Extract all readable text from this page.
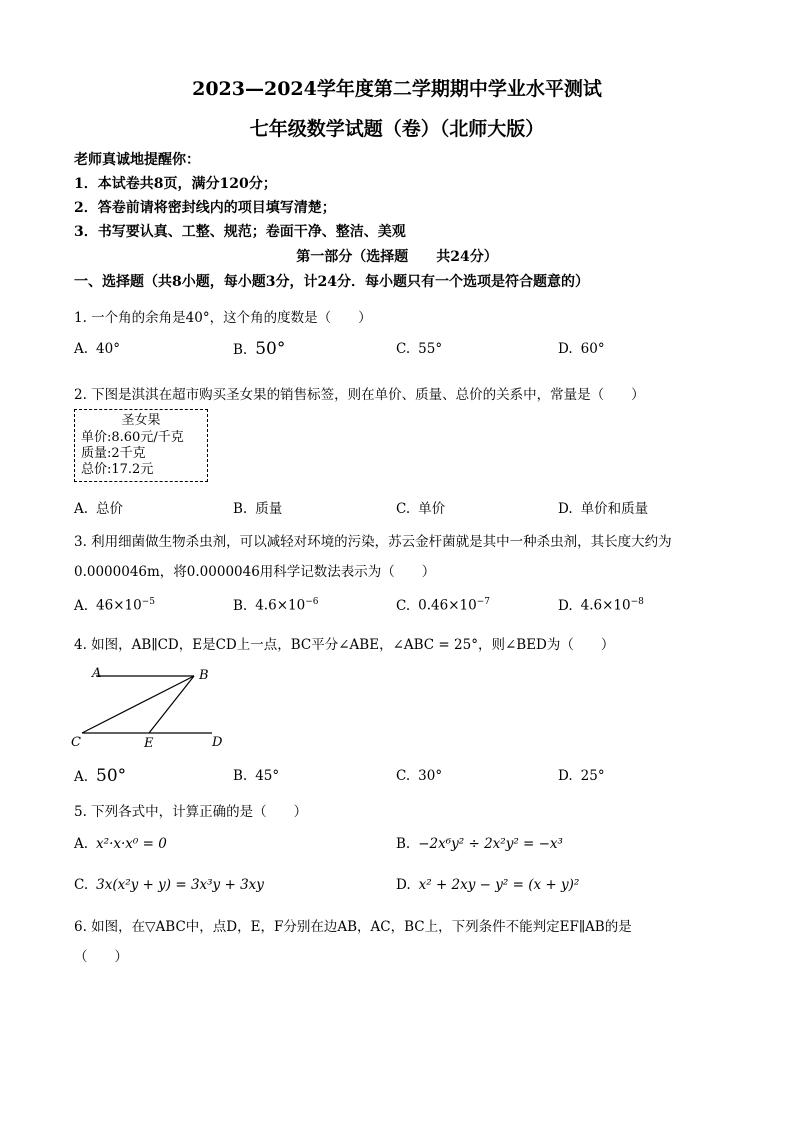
2023—2024学年度第二学期期中学业水平测试
七年级数学试题（卷）（北师大版）
老师真诚地提醒你：
1．本试卷共8页，满分120分；
2．答卷前请将密封线内的项目填写清楚；
3．书写要认真、工整、规范；卷面干净、整洁、美观
第一部分（选择题　　共24分）
一、选择题（共8小题，每小题3分，计24分．每小题只有一个选项是符合题意的）
1. 一个角的余角是40°，这个角的度数是（　　）
A. 40°	B. 50°	C. 55°	D. 60°
2. 下图是淇淇在超市购买圣女果的销售标签，则在单价、质量、总价的关系中，常量是（　　）
圣女果
单价:8.60元/千克
质量:2千克
总价:17.2元
A. 总价	B. 质量	C. 单价	D. 单价和质量
3. 利用细菌做生物杀虫剂，可以减轻对环境的污染，苏云金杆菌就是其中一种杀虫剂，其长度大约为
0.0000046m，将0.0000046用科学记数法表示为（　　）
A. $46\times 10^{-5}$	B. $4.6\times 10^{-6}$	C. $0.46\times 10^{-7}$	D. $4.6\times 10^{-8}$
4. 如图，AB∥CD，E是CD上一点，BC平分∠ABE，∠ABC = 25°，则∠BED为（　　）
A	B
C	E	D
A. 50°	B. 45°	C. 30°	D. 25°
5. 下列各式中，计算正确的是（　　）
A. x²·x·x⁰ = 0	B. −2x⁶y² ÷ 2x²y² = −x³
C. 3x(x²y + y) = 3x³y + 3xy	D. x² + 2xy − y² = (x + y)²
6. 如图，在▽ABC中，点D，E，F分别在边AB，AC，BC上，下列条件不能判定EF∥AB的是
（　　）
